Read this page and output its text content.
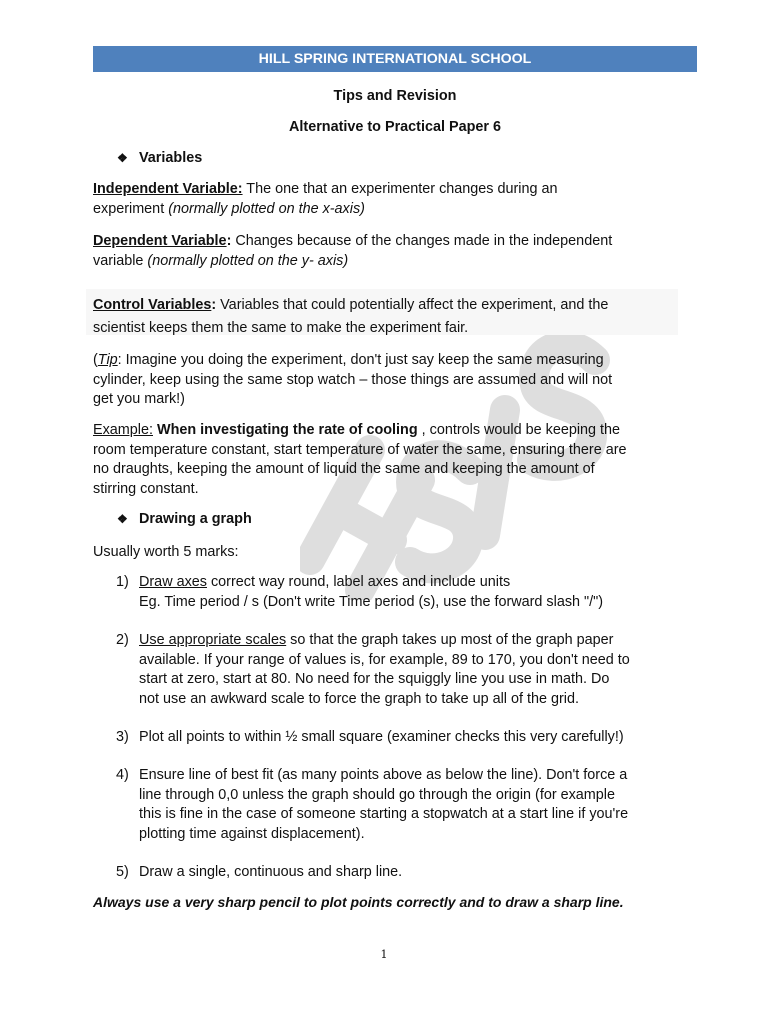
HILL SPRING INTERNATIONAL SCHOOL
Tips and Revision
Alternative to Practical Paper 6
❖ Variables
Independent Variable: The one that an experimenter changes during an
experiment (normally plotted on the x-axis)
Dependent Variable: Changes because of the changes made in the independent
variable (normally plotted on the y- axis)
Control Variables: Variables that could potentially affect the experiment, and the
scientist keeps them the same to make the experiment fair.
(Tip: Imagine you doing the experiment, don't just say keep the same measuring
cylinder, keep using the same stop watch – those things are assumed and will not
get you mark!)
Example: When investigating the rate of cooling , controls would be keeping the
room temperature constant, start temperature of water the same, ensuring there are
no draughts, keeping the amount of liquid the same and keeping the amount of
stirring constant.
❖ Drawing a graph
Usually worth 5 marks:
1) Draw axes correct way round, label axes and include units
Eg. Time period / s (Don't write Time period (s), use the forward slash "/")
2) Use appropriate scales so that the graph takes up most of the graph paper
available. If your range of values is, for example, 89 to 170, you don't need to
start at zero, start at 80. No need for the squiggly line you use in math. Do
not use an awkward scale to force the graph to take up all of the grid.
3) Plot all points to within ½ small square (examiner checks this very carefully!)
4) Ensure line of best fit (as many points above as below the line). Don't force a
line through 0,0 unless the graph should go through the origin (for example
this is fine in the case of someone starting a stopwatch at a start line if you're
plotting time against displacement).
5) Draw a single, continuous and sharp line.
Always use a very sharp pencil to plot points correctly and to draw a sharp line.
1
